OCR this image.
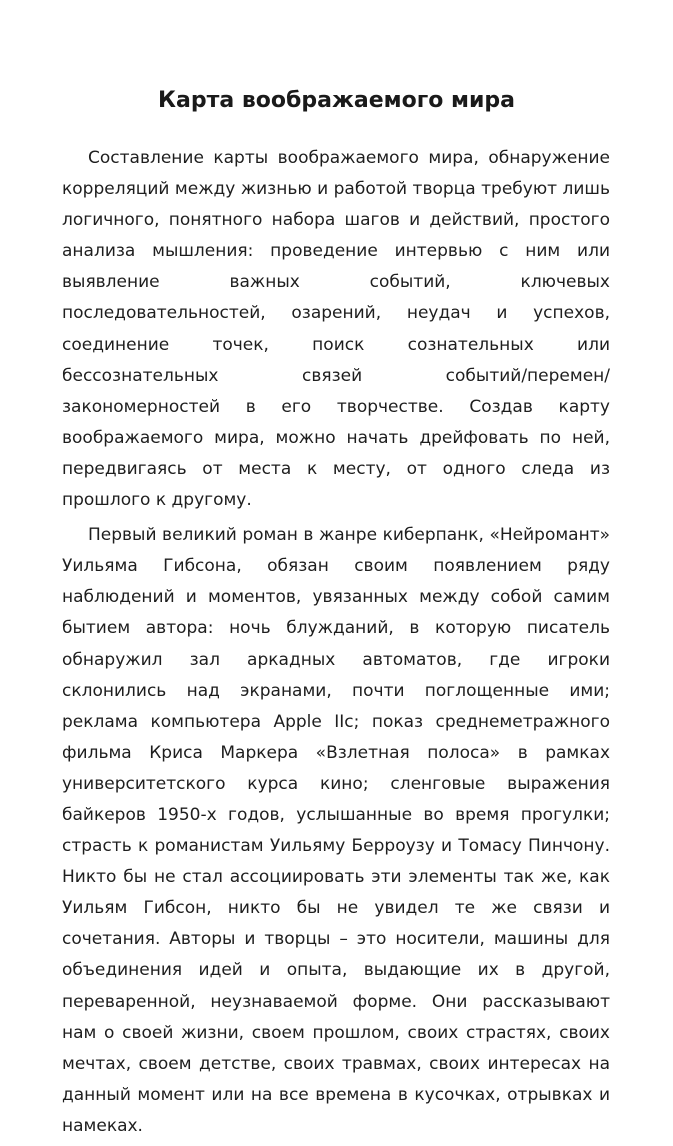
Карта воображаемого мира

Составление карты воображаемого мира, обнаружение корреляций между жизнью и работой творца требуют лишь логичного, понятного набора шагов и действий, простого анализа мышления: проведение интервью с ним или выявление важных событий, ключевых последовательностей, озарений, неудач и успехов, соединение точек, поиск сознательных или бессознательных связей событий/перемен/ закономерностей в его творчестве. Создав карту воображаемого мира, можно начать дрейфовать по ней, передвигаясь от места к месту, от одного следа из прошлого к другому.

Первый великий роман в жанре киберпанк, «Нейромант» Уильяма Гибсона, обязан своим появлением ряду наблюдений и моментов, увязанных между собой самим бытием автора: ночь блужданий, в которую писатель обнаружил зал аркадных автоматов, где игроки склонились над экранами, почти поглощенные ими; реклама компьютера Apple IIc; показ среднеметражного фильма Криса Маркера «Взлетная полоса» в рамках университетского курса кино; сленговые выражения байкеров 1950-х годов, услышанные во время прогулки; страсть к романистам Уильяму Берроузу и Томасу Пинчону. Никто бы не стал ассоциировать эти элементы так же, как Уильям Гибсон, никто бы не увидел те же связи и сочетания. Авторы и творцы – это носители, машины для объединения идей и опыта, выдающие их в другой, переваренной, неузнаваемой форме. Они рассказывают нам о своей жизни, своем прошлом, своих страстях, своих мечтах, своем детстве, своих травмах, своих интересах на данный момент или на все времена в кусочках, отрывках и намеках.
